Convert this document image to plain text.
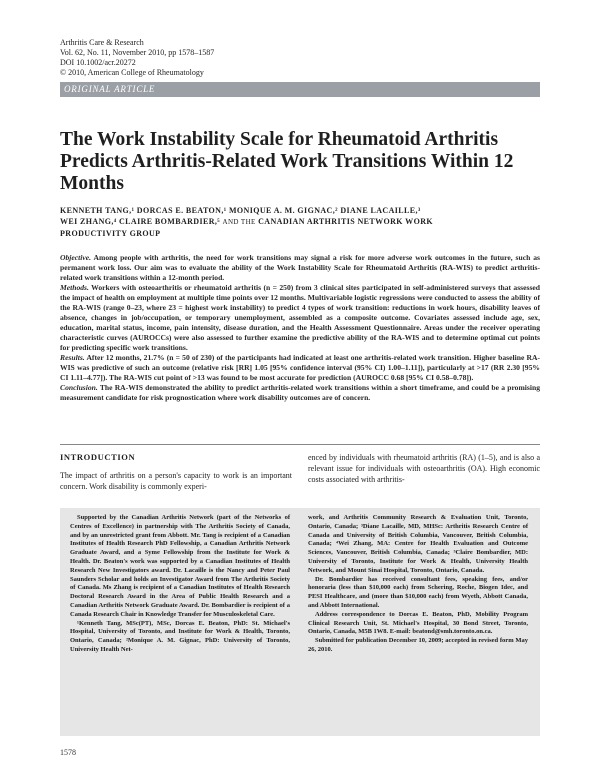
Arthritis Care & Research
Vol. 62, No. 11, November 2010, pp 1578–1587
DOI 10.1002/acr.20272
© 2010, American College of Rheumatology
ORIGINAL ARTICLE
The Work Instability Scale for Rheumatoid Arthritis Predicts Arthritis-Related Work Transitions Within 12 Months
KENNETH TANG,¹ DORCAS E. BEATON,¹ MONIQUE A. M. GIGNAC,² DIANE LACAILLE,³
WEI ZHANG,⁴ CLAIRE BOMBARDIER,⁵ AND THE CANADIAN ARTHRITIS NETWORK WORK
PRODUCTIVITY GROUP

Objective. Among people with arthritis, the need for work transitions may signal a risk for more adverse work outcomes in the future, such as permanent work loss. Our aim was to evaluate the ability of the Work Instability Scale for Rheumatoid Arthritis (RA-WIS) to predict arthritis-related work transitions within a 12-month period.

Methods. Workers with osteoarthritis or rheumatoid arthritis (n = 250) from 3 clinical sites participated in self-administered surveys that assessed the impact of health on employment at multiple time points over 12 months. Multivariable logistic regressions were conducted to assess the ability of the RA-WIS (range 0–23, where 23 = highest work instability) to predict 4 types of work transition: reductions in work hours, disability leaves of absence, changes in job/occupation, or temporary unemployment, assembled as a composite outcome. Covariates assessed include age, sex, education, marital status, income, pain intensity, disease duration, and the Health Assessment Questionnaire. Areas under the receiver operating characteristic curves (AUROCCs) were also assessed to further examine the predictive ability of the RA-WIS and to determine optimal cut points for predicting specific work transitions.

Results. After 12 months, 21.7% (n = 50 of 230) of the participants had indicated at least one arthritis-related work transition. Higher baseline RA-WIS was predictive of such an outcome (relative risk [RR] 1.05 [95% confidence interval (95% CI) 1.00–1.11]), particularly at >17 (RR 2.30 [95% CI 1.11–4.77]). The RA-WIS cut point of >13 was found to be most accurate for prediction (AUROCC 0.68 [95% CI 0.58–0.78]).

Conclusion. The RA-WIS demonstrated the ability to predict arthritis-related work transitions within a short timeframe, and could be a promising measurement candidate for risk prognostication where work disability outcomes are of concern.

INTRODUCTION

The impact of arthritis on a person's capacity to work is an important concern. Work disability is commonly experi-

enced by individuals with rheumatoid arthritis (RA) (1–5), and is also a relevant issue for individuals with osteoarthritis (OA). High economic costs associated with arthritis-

Supported by the Canadian Arthritis Network (part of the Networks of Centres of Excellence) in partnership with The Arthritis Society of Canada, and by an unrestricted grant from Abbott. Mr. Tang is recipient of a Canadian Institutes of Health Research PhD Fellowship, a Canadian Arthritis Network Graduate Award, and a Syme Fellowship from the Institute for Work & Health. Dr. Beaton's work was supported by a Canadian Institutes of Health Research New Investigators award. Dr. Lacaille is the Nancy and Peter Paul Saunders Scholar and holds an Investigator Award from The Arthritis Society of Canada. Ms Zhang is recipient of a Canadian Institutes of Health Research Doctoral Research Award in the Area of Public Health Research and a Canadian Arthritis Network Graduate Award. Dr. Bombardier is recipient of a Canada Research Chair in Knowledge Transfer for Musculoskeletal Care.

¹Kenneth Tang, MSc(PT), MSc, Dorcas E. Beaton, PhD: St. Michael's Hospital, University of Toronto, and Institute for Work & Health, Toronto, Ontario, Canada; ²Monique A. M. Gignac, PhD: University of Toronto, University Health Net-

work, and Arthritis Community Research & Evaluation Unit, Toronto, Ontario, Canada; ³Diane Lacaille, MD, MHSc: Arthritis Research Centre of Canada and University of British Columbia, Vancouver, British Columbia, Canada; ⁴Wei Zhang, MA: Centre for Health Evaluation and Outcome Sciences, Vancouver, British Columbia, Canada; ⁵Claire Bombardier, MD: University of Toronto, Institute for Work & Health, University Health Network, and Mount Sinai Hospital, Toronto, Ontario, Canada.

Dr. Bombardier has received consultant fees, speaking fees, and/or honoraria (less than $10,000 each) from Schering, Roche, Biogen Idec, and PESI Healthcare, and (more than $10,000 each) from Wyeth, Abbott Canada, and Abbott International.

Address correspondence to Dorcas E. Beaton, PhD, Mobility Program Clinical Research Unit, St. Michael's Hospital, 30 Bond Street, Toronto, Ontario, Canada, M5B 1W8. E-mail: beatond@smh.toronto.on.ca.

Submitted for publication December 10, 2009; accepted in revised form May 26, 2010.

1578
